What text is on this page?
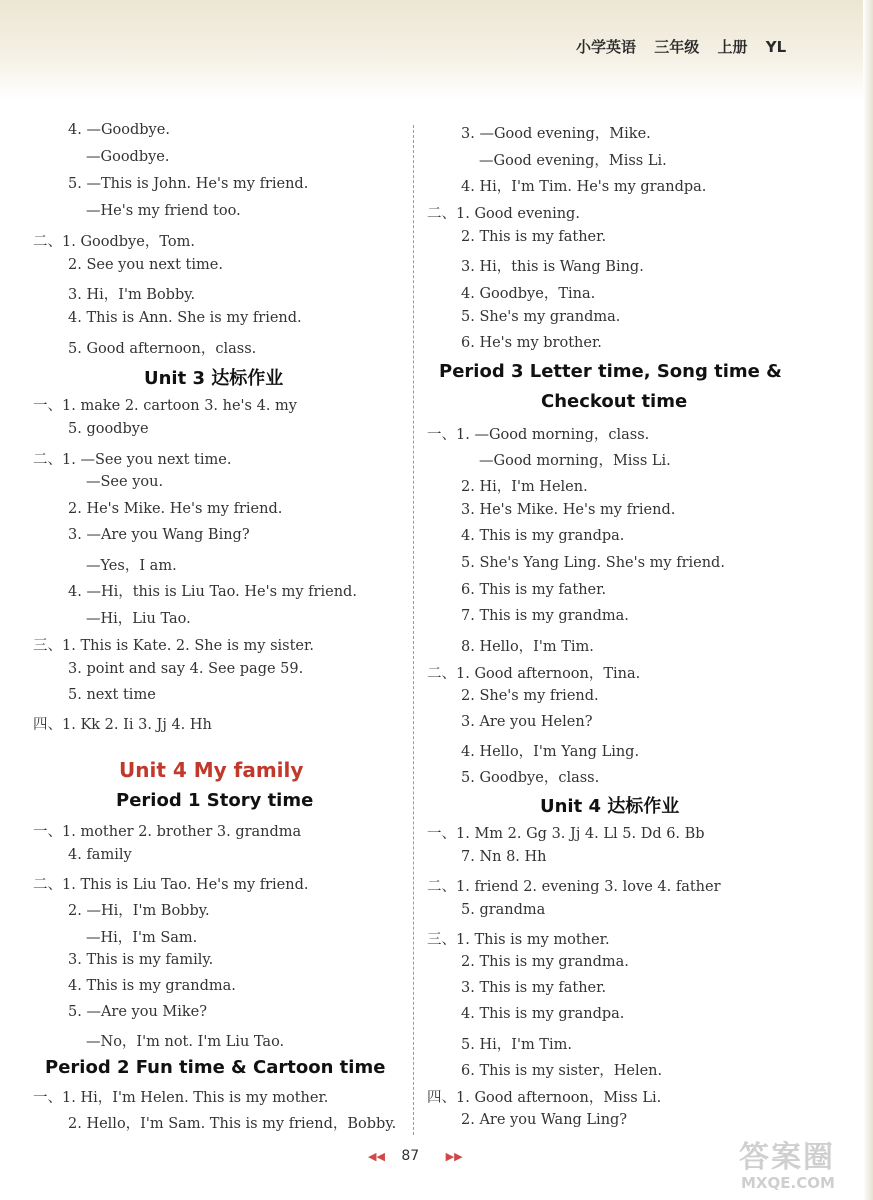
小学英语 三年级 上册 YL
4. —Goodbye.
—Goodbye.
5. —This is John. He's my friend.
—He's my friend too.
二、1. Goodbye，Tom.
2. See you next time.
3. Hi，I'm Bobby.
4. This is Ann. She is my friend.
5. Good afternoon，class.
Unit 3 达标作业
一、1. make 2. cartoon 3. he's 4. my
5. goodbye
二、1. —See you next time.
—See you.
2. He's Mike. He's my friend.
3. —Are you Wang Bing?
—Yes，I am.
4. —Hi，this is Liu Tao. He's my friend.
—Hi，Liu Tao.
三、1. This is Kate. 2. She is my sister.
3. point and say 4. See page 59.
5. next time
四、1. Kk 2. Ii 3. Jj 4. Hh
Unit 4 My family
Period 1 Story time
一、1. mother 2. brother 3. grandma
4. family
二、1. This is Liu Tao. He's my friend.
2. —Hi，I'm Bobby.
—Hi，I'm Sam.
3. This is my family.
4. This is my grandma.
5. —Are you Mike?
—No，I'm not. I'm Liu Tao.
Period 2 Fun time & Cartoon time
一、1. Hi，I'm Helen. This is my mother.
2. Hello，I'm Sam. This is my friend，Bobby.
3. —Good evening，Mike.
—Good evening，Miss Li.
4. Hi，I'm Tim. He's my grandpa.
二、1. Good evening.
2. This is my father.
3. Hi，this is Wang Bing.
4. Goodbye，Tina.
5. She's my grandma.
6. He's my brother.
Period 3 Letter time, Song time &
Checkout time
一、1. —Good morning，class.
—Good morning，Miss Li.
2. Hi，I'm Helen.
3. He's Mike. He's my friend.
4. This is my grandpa.
5. She's Yang Ling. She's my friend.
6. This is my father.
7. This is my grandma.
8. Hello，I'm Tim.
二、1. Good afternoon，Tina.
2. She's my friend.
3. Are you Helen?
4. Hello，I'm Yang Ling.
5. Goodbye，class.
Unit 4 达标作业
一、1. Mm 2. Gg 3. Jj 4. Ll 5. Dd 6. Bb
7. Nn 8. Hh
二、1. friend 2. evening 3. love 4. father
5. grandma
三、1. This is my mother.
2. This is my grandma.
3. This is my father.
4. This is my grandpa.
5. Hi，I'm Tim.
6. This is my sister，Helen.
四、1. Good afternoon，Miss Li.
2. Are you Wang Ling?
◀◀ 87 ▶▶	答案圈
MXQE.COM
